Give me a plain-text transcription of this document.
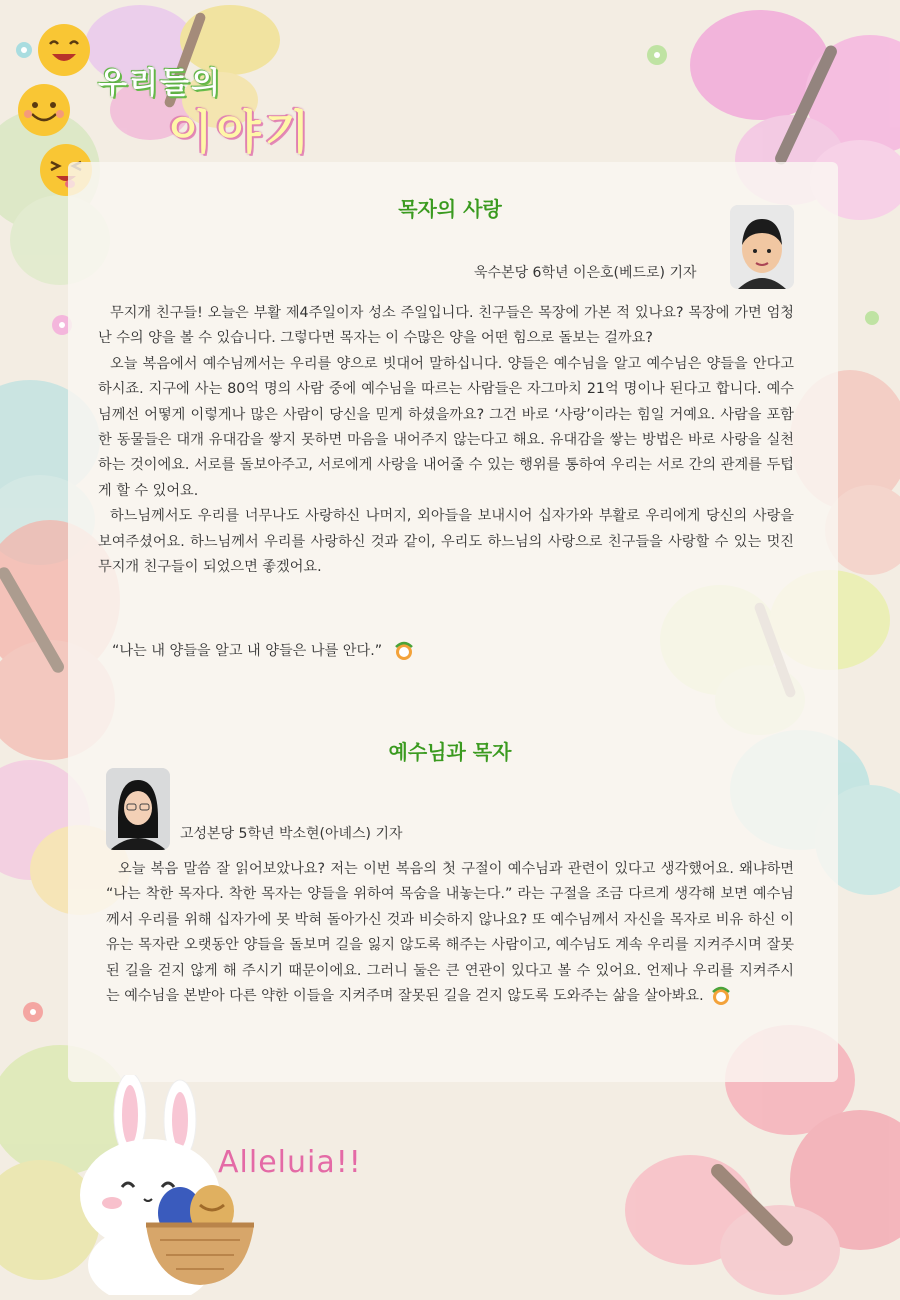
우리들의
이야기
목자의 사랑
욱수본당 6학년 이은호(베드로) 기자

무지개 친구들! 오늘은 부활 제4주일이자 성소 주일입니다. 친구들은 목장에 가본 적 있나요? 목장에 가면 엄청난 수의 양을 볼 수 있습니다. 그렇다면 목자는 이 수많은 양을 어떤 힘으로 돌보는 걸까요?

오늘 복음에서 예수님께서는 우리를 양으로 빗대어 말하십니다. 양들은 예수님을 알고 예수님은 양들을 안다고 하시죠. 지구에 사는 80억 명의 사람 중에 예수님을 따르는 사람들은 자그마치 21억 명이나 된다고 합니다. 예수님께선 어떻게 이렇게나 많은 사람이 당신을 믿게 하셨을까요? 그건 바로 ‘사랑’이라는 힘일 거예요. 사람을 포함한 동물들은 대개 유대감을 쌓지 못하면 마음을 내어주지 않는다고 해요. 유대감을 쌓는 방법은 바로 사랑을 실천하는 것이에요. 서로를 돌보아주고, 서로에게 사랑을 내어줄 수 있는 행위를 통하여 우리는 서로 간의 관계를 두텁게 할 수 있어요.

하느님께서도 우리를 너무나도 사랑하신 나머지, 외아들을 보내시어 십자가와 부활로 우리에게 당신의 사랑을 보여주셨어요. 하느님께서 우리를 사랑하신 것과 같이, 우리도 하느님의 사랑으로 친구들을 사랑할 수 있는 멋진 무지개 친구들이 되었으면 좋겠어요.

“나는 내 양들을 알고 내 양들은 나를 안다.”
예수님과 목자
고성본당 5학년 박소현(아녜스) 기자

오늘 복음 말씀 잘 읽어보았나요? 저는 이번 복음의 첫 구절이 예수님과 관련이 있다고 생각했어요. 왜냐하면 “나는 착한 목자다. 착한 목자는 양들을 위하여 목숨을 내놓는다.” 라는 구절을 조금 다르게 생각해 보면 예수님께서 우리를 위해 십자가에 못 박혀 돌아가신 것과 비슷하지 않나요? 또 예수님께서 자신을 목자로 비유 하신 이유는 목자란 오랫동안 양들을 돌보며 길을 잃지 않도록 해주는 사람이고, 예수님도 계속 우리를 지켜주시며 잘못된 길을 걷지 않게 해 주시기 때문이에요. 그러니 둘은 큰 연관이 있다고 볼 수 있어요. 언제나 우리를 지켜주시는 예수님을 본받아 다른 약한 이들을 지켜주며 잘못된 길을 걷지 않도록 도와주는 삶을 살아봐요.

Alleluia!!
